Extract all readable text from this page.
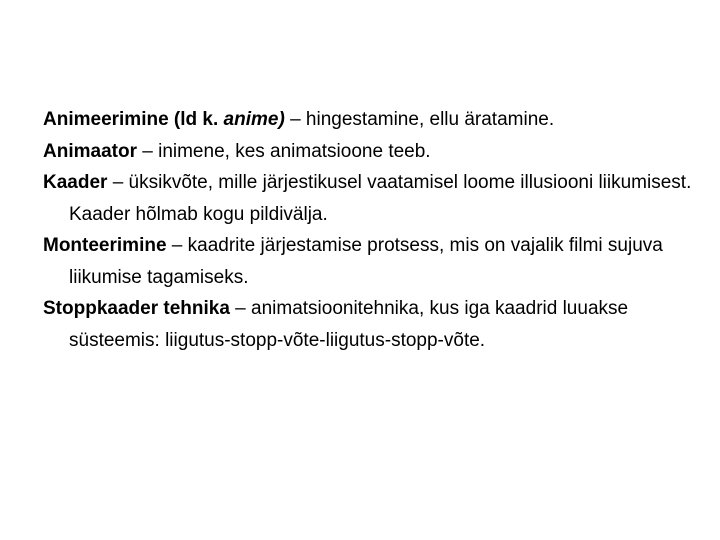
Animeerimine (ld k. anime) – hingestamine, ellu äratamine.

Animaator – inimene, kes animatsioone teeb.

Kaader – üksikvõte, mille järjestikusel vaatamisel loome illusiooni liikumisest. Kaader hõlmab kogu pildivälja.

Monteerimine – kaadrite järjestamise protsess, mis on vajalik filmi sujuva liikumise tagamiseks.

Stoppkaader tehnika – animatsioonitehnika, kus iga kaadrid luuakse süsteemis: liigutus-stopp-võte-liigutus-stopp-võte.
